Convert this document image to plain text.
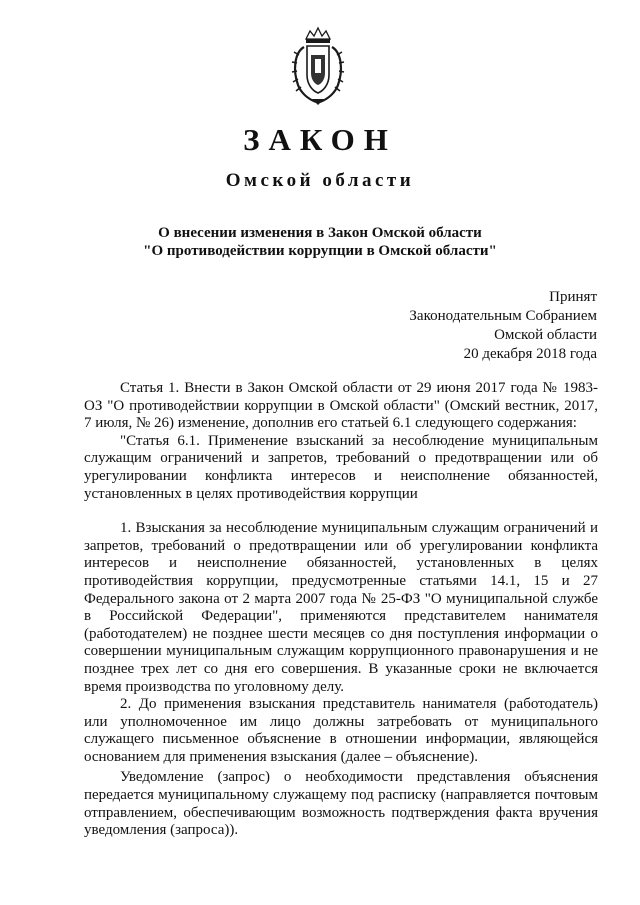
ЗАКОН
Омской области
О внесении изменения в Закон Омской области
"О противодействии коррупции в Омской области"
Принят
Законодательным Собранием
Омской области
20 декабря 2018 года

Статья 1. Внести в Закон Омской области от 29 июня 2017 года № 1983-ОЗ "О противодействии коррупции в Омской области" (Омский вестник, 2017, 7 июля, № 26) изменение, дополнив его статьей 6.1 следующего содержания:

"Статья 6.1. Применение взысканий за несоблюдение муниципальным служащим ограничений и запретов, требований о предотвращении или об урегулировании конфликта интересов и неисполнение обязанностей, установленных в целях противодействия коррупции

1. Взыскания за несоблюдение муниципальным служащим ограничений и запретов, требований о предотвращении или об урегулировании конфликта интересов и неисполнение обязанностей, установленных в целях противодействия коррупции, предусмотренные статьями 14.1, 15 и 27 Федерального закона от 2 марта 2007 года № 25-ФЗ "О муниципальной службе в Российской Федерации", применяются представителем нанимателя (работодателем) не позднее шести месяцев со дня поступления информации о совершении муниципальным служащим коррупционного правонарушения и не позднее трех лет со дня его совершения. В указанные сроки не включается время производства по уголовному делу.

2. До применения взыскания представитель нанимателя (работодатель) или уполномоченное им лицо должны затребовать от муниципального служащего письменное объяснение в отношении информации, являющейся основанием для применения взыскания (далее – объяснение).

Уведомление (запрос) о необходимости представления объяснения передается муниципальному служащему под расписку (направляется почтовым отправлением, обеспечивающим возможность подтверждения факта вручения уведомления (запроса)).
